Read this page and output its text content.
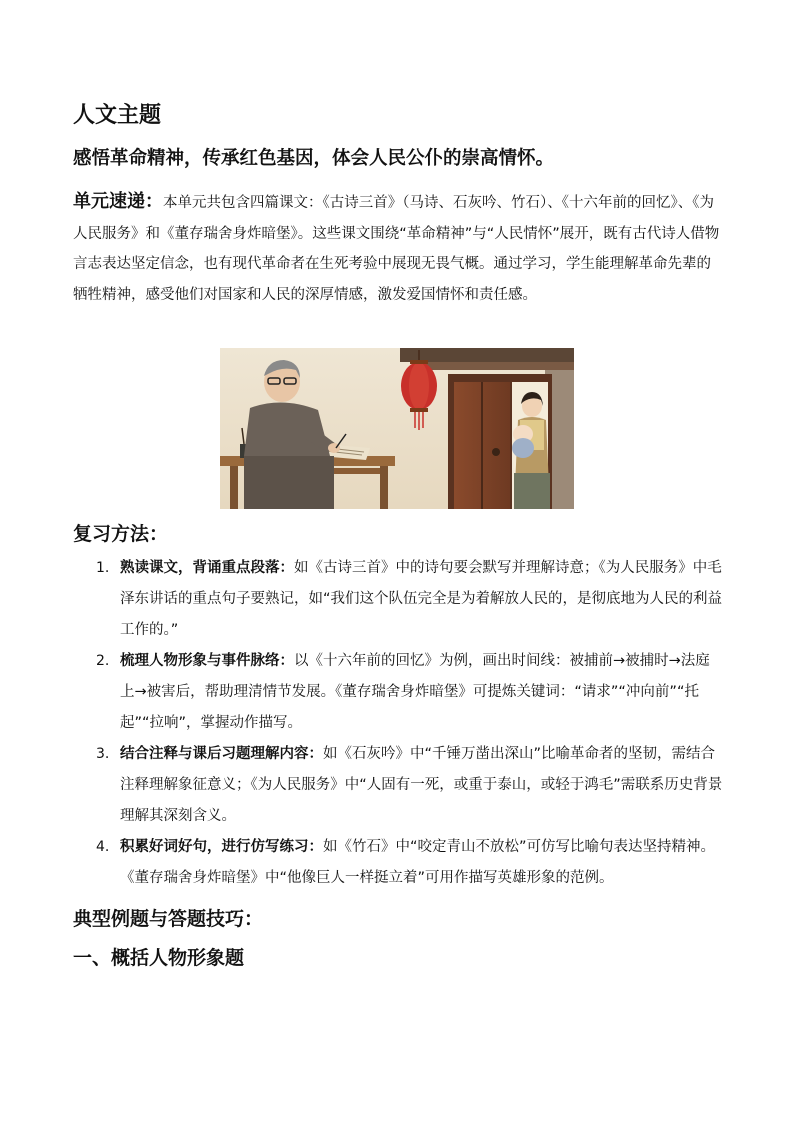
人文主题

感悟革命精神，传承红色基因，体会人民公仆的崇高情怀。

单元速递：本单元共包含四篇课文：《古诗三首》（马诗、石灰吟、竹石）、《十六年前的回忆》、《为人民服务》和《董存瑞舍身炸暗堡》。这些课文围绕“革命精神”与“人民情怀”展开，既有古代诗人借物言志表达坚定信念，也有现代革命者在生死考验中展现无畏气概。通过学习，学生能理解革命先辈的牺牲精神，感受他们对国家和人民的深厚情感，激发爱国情怀和责任感。

复习方法：
1. 熟读课文，背诵重点段落：如《古诗三首》中的诗句要会默写并理解诗意；《为人民服务》中毛泽东讲话的重点句子要熟记，如“我们这个队伍完全是为着解放人民的，是彻底地为人民的利益工作的。”
2. 梳理人物形象与事件脉络：以《十六年前的回忆》为例，画出时间线：被捕前→被捕时→法庭上→被害后，帮助理清情节发展。《董存瑞舍身炸暗堡》可提炼关键词：“请求”“冲向前”“托起”“拉响”，掌握动作描写。
3. 结合注释与课后习题理解内容：如《石灰吟》中“千锤万凿出深山”比喻革命者的坚韧，需结合注释理解象征意义；《为人民服务》中“人固有一死，或重于泰山，或轻于鸿毛”需联系历史背景理解其深刻含义。
4. 积累好词好句，进行仿写练习：如《竹石》中“咬定青山不放松”可仿写比喻句表达坚持精神。《董存瑞舍身炸暗堡》中“他像巨人一样挺立着”可用作描写英雄形象的范例。
典型例题与答题技巧：
一、概括人物形象题
